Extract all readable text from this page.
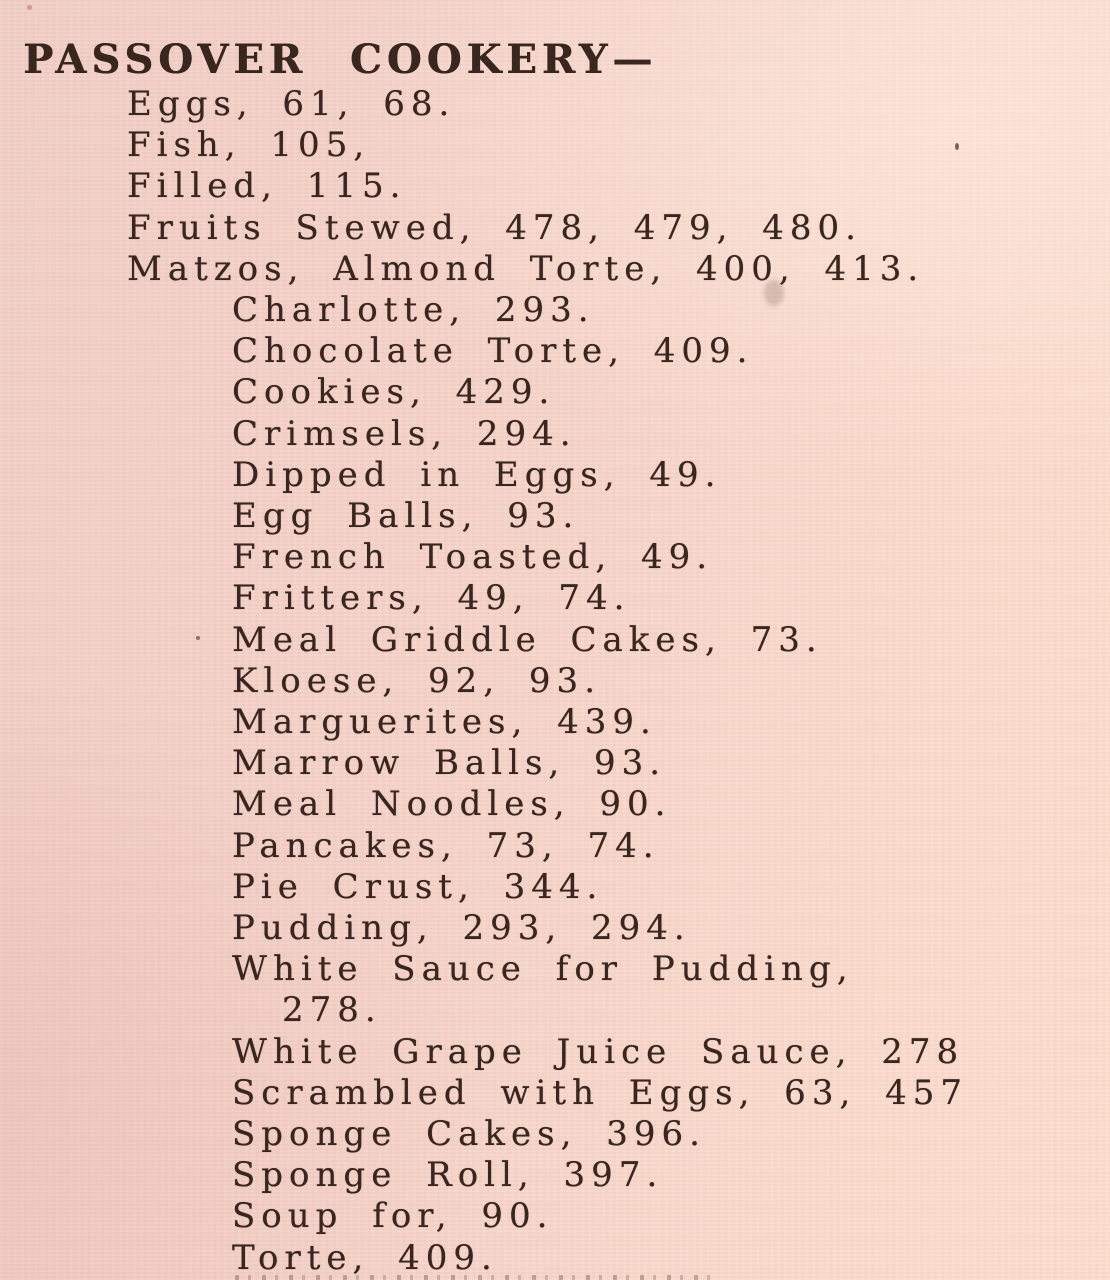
PASSOVER COOKERY—
Eggs, 61, 68.
Fish, 105,
Filled, 115.
Fruits Stewed, 478, 479, 480.
Matzos, Almond Torte, 400, 413.
Charlotte, 293.
Chocolate Torte, 409.
Cookies, 429.
Crimsels, 294.
Dipped in Eggs, 49.
Egg Balls, 93.
French Toasted, 49.
Fritters, 49, 74.
Meal Griddle Cakes, 73.
Kloese, 92, 93.
Marguerites, 439.
Marrow Balls, 93.
Meal Noodles, 90.
Pancakes, 73, 74.
Pie Crust, 344.
Pudding, 293, 294.
White Sauce for Pudding,
278.
White Grape Juice Sauce, 278
Scrambled with Eggs, 63, 457
Sponge Cakes, 396.
Sponge Roll, 397.
Soup for, 90.
Torte, 409.
